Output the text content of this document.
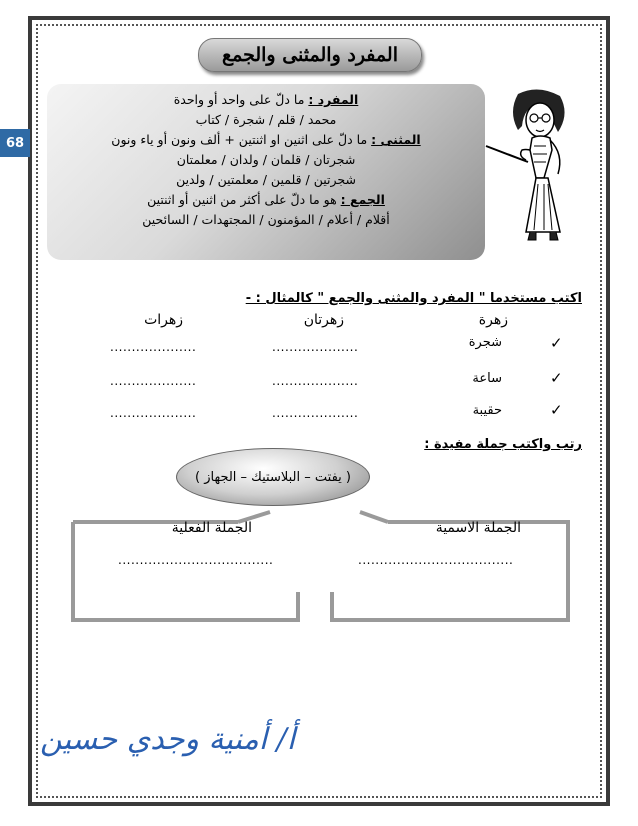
68
المفرد والمثنى والجمع
المفرد : ما دلّ على واحد أو واحدة
محمد / قلم / شجرة / كتاب
المثنى : ما دلّ على اثنين او اثنتين + ألف ونون أو ياء ونون
شجرتان / قلمان / ولدان / معلمتان
شجرتين / قلمين / معلمتين / ولدين
الجمع : هو ما دلّ على أكثر من اثنين أو اثنتين
أقلام / أعلام / المؤمنون / المجتهدات / السائحين
اكتب مستخدما " المفرد والمثنى والجمع " كالمثال : -
زهرة
زهرتان
زهرات
✓
شجرة
....................
....................
✓
ساعة
....................
....................
✓
حقيبة
....................
....................
رتب واكتب جملة مفيدة :
( يفتت – البلاستيك – الجهاز )
الجملة الاسمية
الجملة الفعلية
....................................
....................................
أ/ أمنية وجدي حسين
